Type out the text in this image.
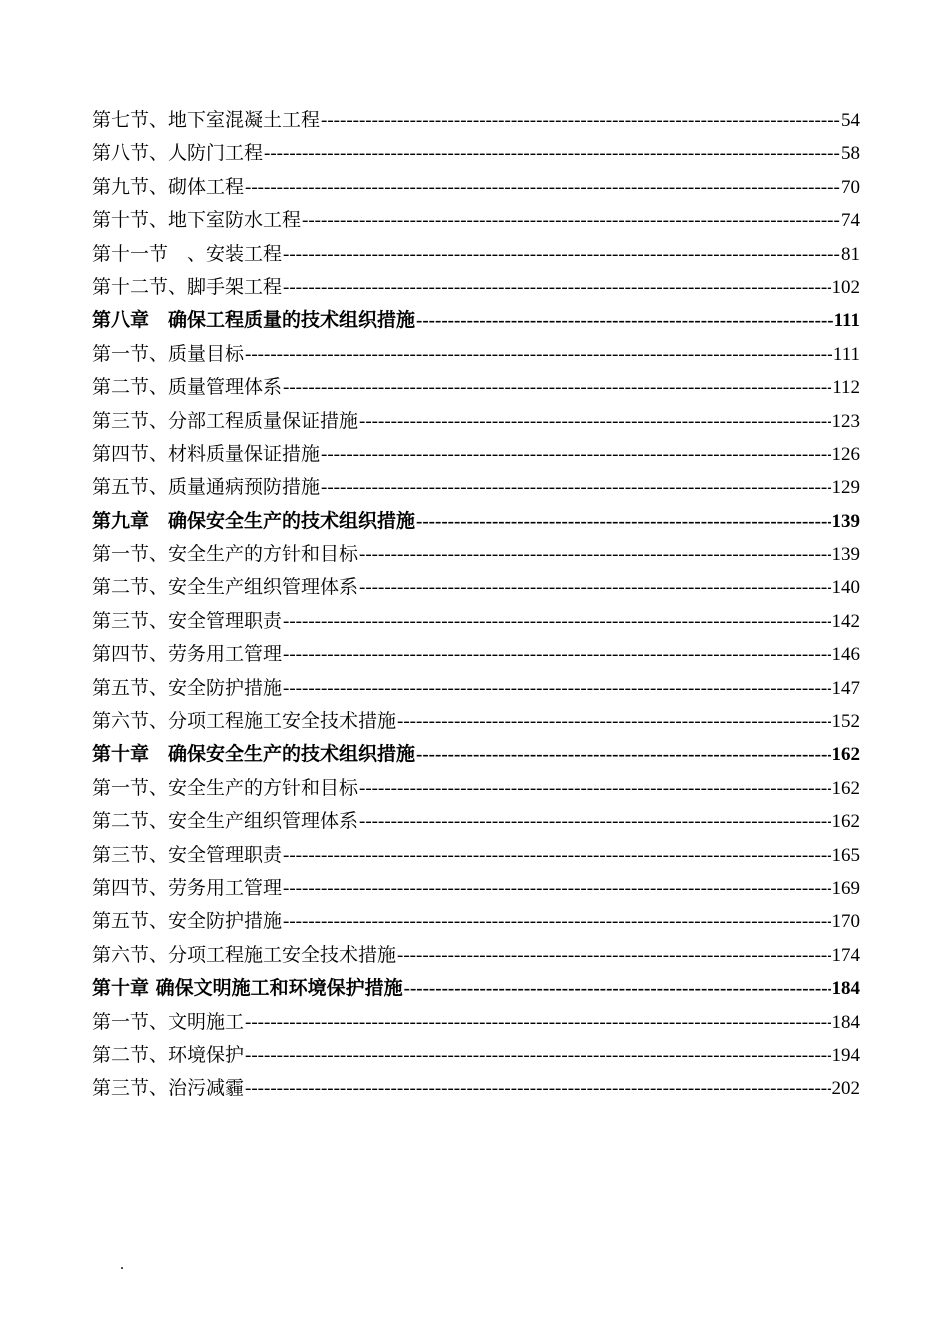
第七节、地下室混凝土工程 -----	54
第八节、人防门工程 -----	58
第九节、砌体工程 -----	70
第十节、地下室防水工程 -----	74
第十一节　、安装工程 -----	81
第十二节、脚手架工程 -----	102
第八章　确保工程质量的技术组织措施 -----	111
第一节、质量目标 -----	111
第二节、质量管理体系 -----	112
第三节、分部工程质量保证措施 -----	123
第四节、材料质量保证措施 -----	126
第五节、质量通病预防措施 -----	129
第九章　确保安全生产的技术组织措施 -----	139
第一节、安全生产的方针和目标 -----	139
第二节、安全生产组织管理体系 -----	140
第三节、安全管理职责 -----	142
第四节、劳务用工管理 -----	146
第五节、安全防护措施 -----	147
第六节、分项工程施工安全技术措施 -----	152
第十章　确保安全生产的技术组织措施 -----	162
第一节、安全生产的方针和目标 -----	162
第二节、安全生产组织管理体系 -----	162
第三节、安全管理职责 -----	165
第四节、劳务用工管理 -----	169
第五节、安全防护措施 -----	170
第六节、分项工程施工安全技术措施 -----	174
第十章 确保文明施工和环境保护措施 -----	184
第一节、文明施工 -----	184
第二节、环境保护 -----	194
第三节、治污减霾 -----	202
.
